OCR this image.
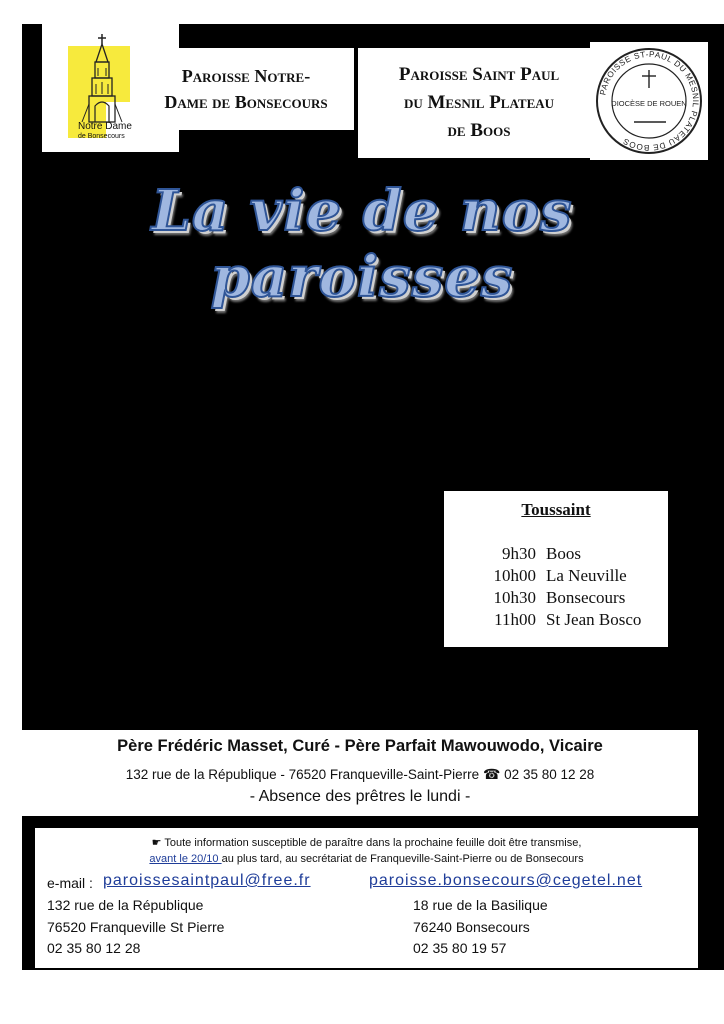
Notre Dame
de Bonsecours
Paroisse Notre-
Dame de Bonsecours
Paroisse Saint Paul
du Mesnil Plateau
de Boos
PAROISSE ST-PAUL DU MESNIL PLATEAU DE BOOS
DIOCÈSE DE ROUEN
La vie de nos paroisses
Toussaint
9h30 Boos
10h00 La Neuville
10h30 Bonsecours
11h00 St Jean Bosco
Père Frédéric Masset, Curé - Père Parfait Mawouwodo, Vicaire
132 rue de la République - 76520 Franqueville-Saint-Pierre ☎ 02 35 80 12 28
- Absence des prêtres le lundi -
☛ Toute information susceptible de paraître dans la prochaine feuille doit être transmise,
avant le 20/10 au plus tard, au secrétariat de Franqueville-Saint-Pierre ou de Bonsecours
e-mail : paroissesaintpaul@free.fr	paroisse.bonsecours@cegetel.net
132 rue de la République
76520 Franqueville St Pierre
02 35 80 12 28
18 rue de la Basilique
76240 Bonsecours
02 35 80 19 57
